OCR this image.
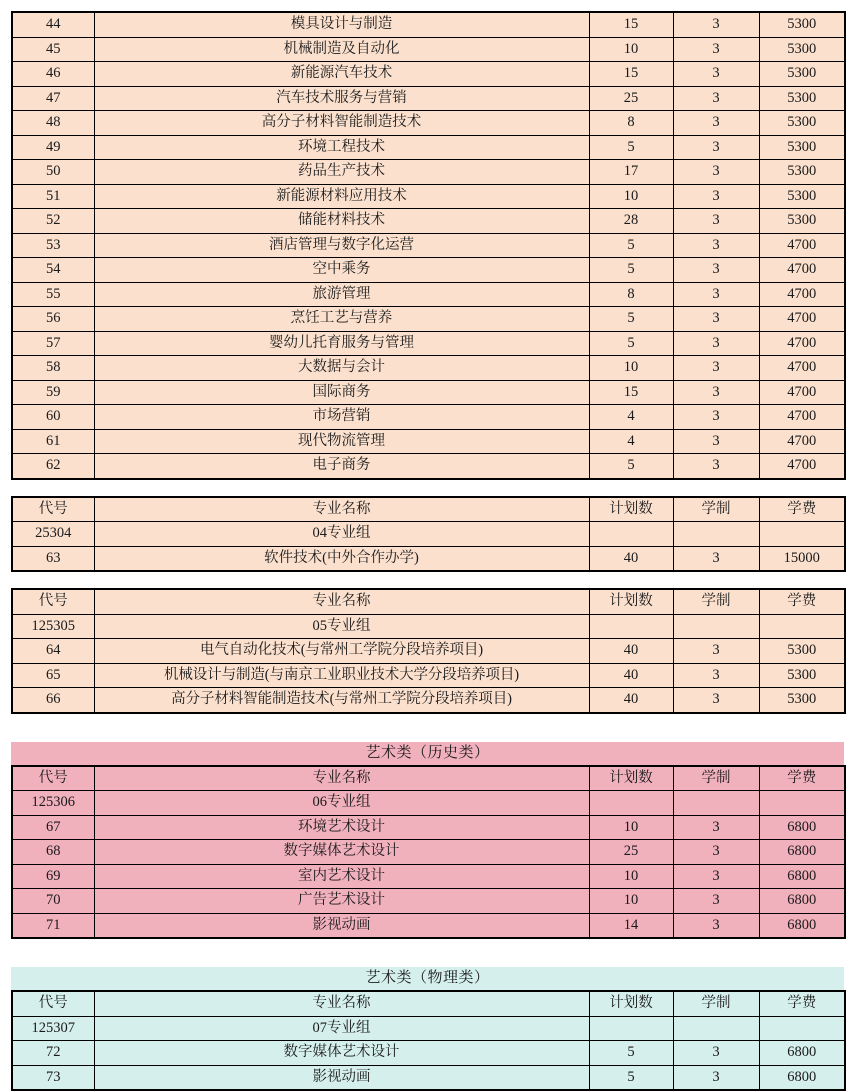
44	模具设计与制造	15	3	5300
45	机械制造及自动化	10	3	5300
46	新能源汽车技术	15	3	5300
47	汽车技术服务与营销	25	3	5300
48	高分子材料智能制造技术	8	3	5300
49	环境工程技术	5	3	5300
50	药品生产技术	17	3	5300
51	新能源材料应用技术	10	3	5300
52	储能材料技术	28	3	5300
53	酒店管理与数字化运营	5	3	4700
54	空中乘务	5	3	4700
55	旅游管理	8	3	4700
56	烹饪工艺与营养	5	3	4700
57	婴幼儿托育服务与管理	5	3	4700
58	大数据与会计	10	3	4700
59	国际商务	15	3	4700
60	市场营销	4	3	4700
61	现代物流管理	4	3	4700
62	电子商务	5	3	4700
代号	专业名称	计划数	学制	学费
25304	04专业组			
63	软件技术(中外合作办学)	40	3	15000
代号	专业名称	计划数	学制	学费
125305	05专业组			
64	电气自动化技术(与常州工学院分段培养项目)	40	3	5300
65	机械设计与制造(与南京工业职业技术大学分段培养项目)	40	3	5300
66	高分子材料智能制造技术(与常州工学院分段培养项目)	40	3	5300
艺术类（历史类）
代号	专业名称	计划数	学制	学费
125306	06专业组			
67	环境艺术设计	10	3	6800
68	数字媒体艺术设计	25	3	6800
69	室内艺术设计	10	3	6800
70	广告艺术设计	10	3	6800
71	影视动画	14	3	6800
艺术类（物理类）
代号	专业名称	计划数	学制	学费
125307	07专业组			
72	数字媒体艺术设计	5	3	6800
73	影视动画	5	3	6800
